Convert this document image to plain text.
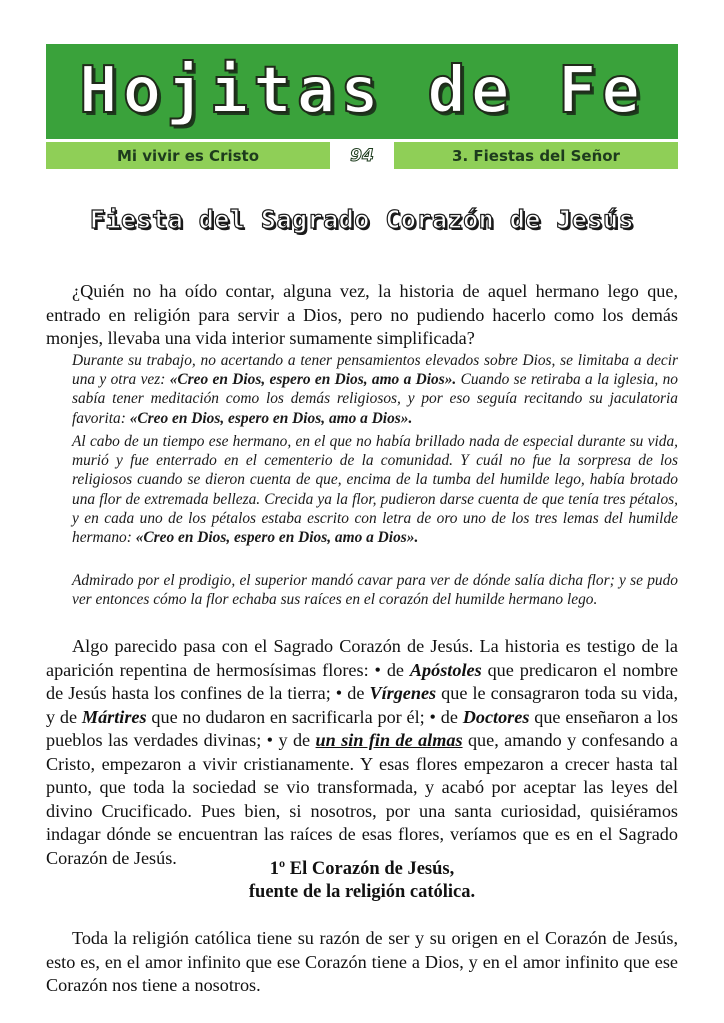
Hojitas de Fe
Mi vivir es Cristo	94	3. Fiestas del Señor
Fiesta del Sagrado Corazón de Jesús

¿Quién no ha oído contar, alguna vez, la historia de aquel hermano lego que, entrado en religión para servir a Dios, pero no pudiendo hacerlo como los demás monjes, llevaba una vida interior sumamente simplificada?

Durante su trabajo, no acertando a tener pensamientos elevados sobre Dios, se limitaba a decir una y otra vez: «Creo en Dios, espero en Dios, amo a Dios». Cuando se retiraba a la iglesia, no sabía tener meditación como los demás religiosos, y por eso seguía recitando su jaculatoria favorita: «Creo en Dios, espero en Dios, amo a Dios».

Al cabo de un tiempo ese hermano, en el que no había brillado nada de especial durante su vida, murió y fue enterrado en el cementerio de la comunidad. Y cuál no fue la sorpresa de los religiosos cuando se dieron cuenta de que, encima de la tumba del humilde lego, había brotado una flor de extremada belleza. Crecida ya la flor, pudieron darse cuenta de que tenía tres pétalos, y en cada uno de los pétalos estaba escrito con letra de oro uno de los tres lemas del humilde hermano: «Creo en Dios, espero en Dios, amo a Dios».

Admirado por el prodigio, el superior mandó cavar para ver de dónde salía dicha flor; y se pudo ver entonces cómo la flor echaba sus raíces en el corazón del humilde hermano lego.

Algo parecido pasa con el Sagrado Corazón de Jesús. La historia es testigo de la aparición repentina de hermosísimas flores: • de Apóstoles que predicaron el nombre de Jesús hasta los confines de la tierra; • de Vírgenes que le consagraron toda su vida, y de Mártires que no dudaron en sacrificarla por él; • de Doctores que enseñaron a los pueblos las verdades divinas; • y de un sin fin de almas que, amando y confesando a Cristo, empezaron a vivir cristianamente. Y esas flores empezaron a crecer hasta tal punto, que toda la sociedad se vio transformada, y acabó por aceptar las leyes del divino Crucificado. Pues bien, si nosotros, por una santa curiosidad, quisiéramos indagar dónde se encuentran las raíces de esas flores, veríamos que es en el Sagrado Corazón de Jesús.

1º El Corazón de Jesús,
fuente de la religión católica.

Toda la religión católica tiene su razón de ser y su origen en el Corazón de Jesús, esto es, en el amor infinito que ese Corazón tiene a Dios, y en el amor infinito que ese Corazón nos tiene a nosotros.
